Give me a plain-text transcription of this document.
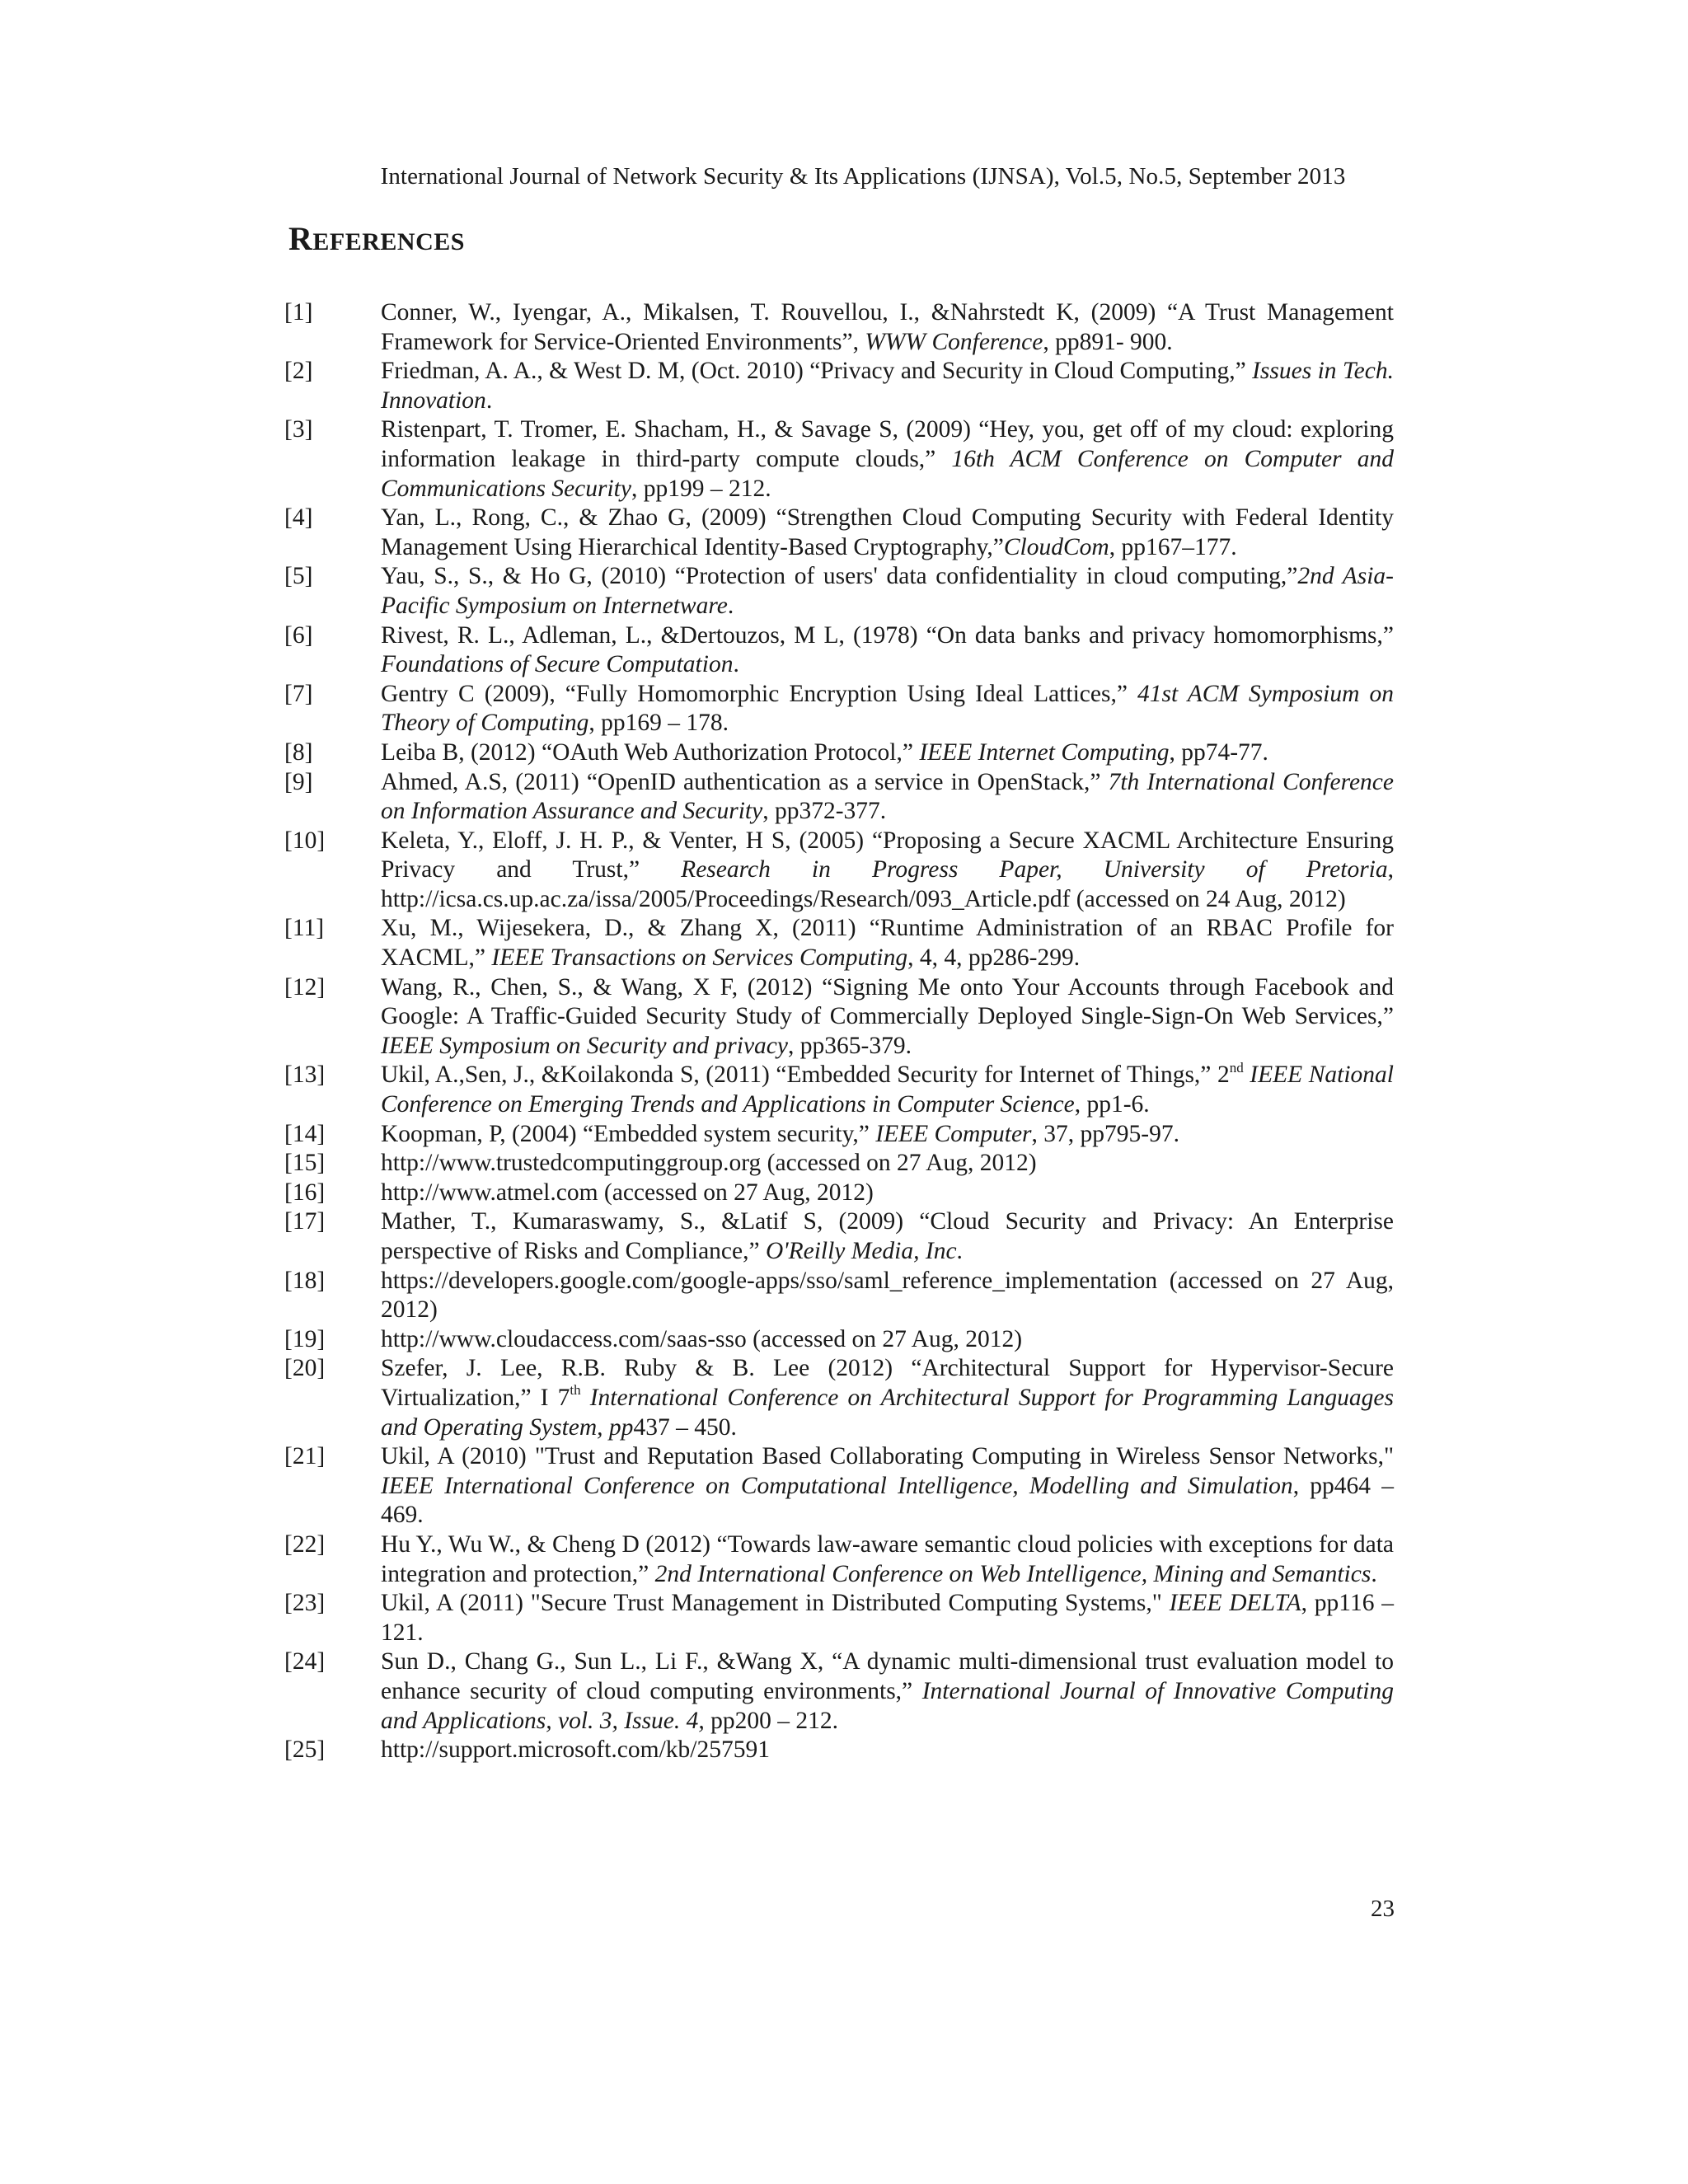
International Journal of Network Security & Its Applications (IJNSA), Vol.5, No.5, September 2013
REFERENCES
[1]	Conner, W., Iyengar, A., Mikalsen, T. Rouvellou, I., &Nahrstedt K, (2009) “A Trust Management Framework for Service-Oriented Environments”, WWW Conference, pp891- 900.
[2]	Friedman, A. A., & West D. M, (Oct. 2010) “Privacy and Security in Cloud Computing,” Issues in Tech. Innovation.
[3]	Ristenpart, T. Tromer, E. Shacham, H., & Savage S, (2009) “Hey, you, get off of my cloud: exploring information leakage in third-party compute clouds,” 16th ACM Conference on Computer and Communications Security, pp199 – 212.
[4]	Yan, L., Rong, C., & Zhao G, (2009) “Strengthen Cloud Computing Security with Federal Identity Management Using Hierarchical Identity-Based Cryptography,”CloudCom, pp167–177.
[5]	Yau, S., S., & Ho G, (2010) “Protection of users' data confidentiality in cloud computing,”2nd Asia-Pacific Symposium on Internetware.
[6]	Rivest, R. L., Adleman, L., &Dertouzos, M L, (1978) “On data banks and privacy homomorphisms,” Foundations of Secure Computation.
[7]	Gentry C (2009), “Fully Homomorphic Encryption Using Ideal Lattices,” 41st ACM Symposium on Theory of Computing, pp169 – 178.
[8]	Leiba B, (2012) “OAuth Web Authorization Protocol,” IEEE Internet Computing, pp74-77.
[9]	Ahmed, A.S, (2011) “OpenID authentication as a service in OpenStack,” 7th International Conference on Information Assurance and Security, pp372-377.
[10] Keleta, Y., Eloff, J. H. P., & Venter, H S, (2005) “Proposing a Secure XACML Architecture Ensuring Privacy and Trust,” Research in Progress Paper, University of Pretoria, http://icsa.cs.up.ac.za/issa/2005/Proceedings/Research/093_Article.pdf (accessed on 24 Aug, 2012)
[11] Xu, M., Wijesekera, D., & Zhang X, (2011) “Runtime Administration of an RBAC Profile for XACML,” IEEE Transactions on Services Computing, 4, 4, pp286-299.
[12] Wang, R., Chen, S., & Wang, X F, (2012) “Signing Me onto Your Accounts through Facebook and Google: A Traffic-Guided Security Study of Commercially Deployed Single-Sign-On Web Services,” IEEE Symposium on Security and privacy, pp365-379.
[13] Ukil, A.,Sen, J., &Koilakonda S, (2011) “Embedded Security for Internet of Things,” 2nd IEEE National Conference on Emerging Trends and Applications in Computer Science, pp1-6.
[14] Koopman, P, (2004) “Embedded system security,” IEEE Computer, 37, pp795-97.
[15] http://www.trustedcomputinggroup.org (accessed on 27 Aug, 2012)
[16] http://www.atmel.com (accessed on 27 Aug, 2012)
[17] Mather, T., Kumaraswamy, S., &Latif S, (2009) “Cloud Security and Privacy: An Enterprise perspective of Risks and Compliance,” O'Reilly Media, Inc.
[18] https://developers.google.com/google-apps/sso/saml_reference_implementation (accessed on 27 Aug, 2012)
[19] http://www.cloudaccess.com/saas-sso (accessed on 27 Aug, 2012)
[20] Szefer, J. Lee, R.B. Ruby & B. Lee (2012) “Architectural Support for Hypervisor-Secure Virtualization,” I 7th International Conference on Architectural Support for Programming Languages and Operating System, pp437 – 450.
[21] Ukil, A (2010) "Trust and Reputation Based Collaborating Computing in Wireless Sensor Networks," IEEE International Conference on Computational Intelligence, Modelling and Simulation, pp464 – 469.
[22] Hu Y., Wu W., & Cheng D (2012) “Towards law-aware semantic cloud policies with exceptions for data integration and protection,” 2nd International Conference on Web Intelligence, Mining and Semantics.
[23] Ukil, A (2011) "Secure Trust Management in Distributed Computing Systems," IEEE DELTA, pp116 – 121.
[24] Sun D., Chang G., Sun L., Li F., &Wang X, “A dynamic multi-dimensional trust evaluation model to enhance security of cloud computing environments,” International Journal of Innovative Computing and Applications, vol. 3, Issue. 4, pp200 – 212.
[25] http://support.microsoft.com/kb/257591
23
